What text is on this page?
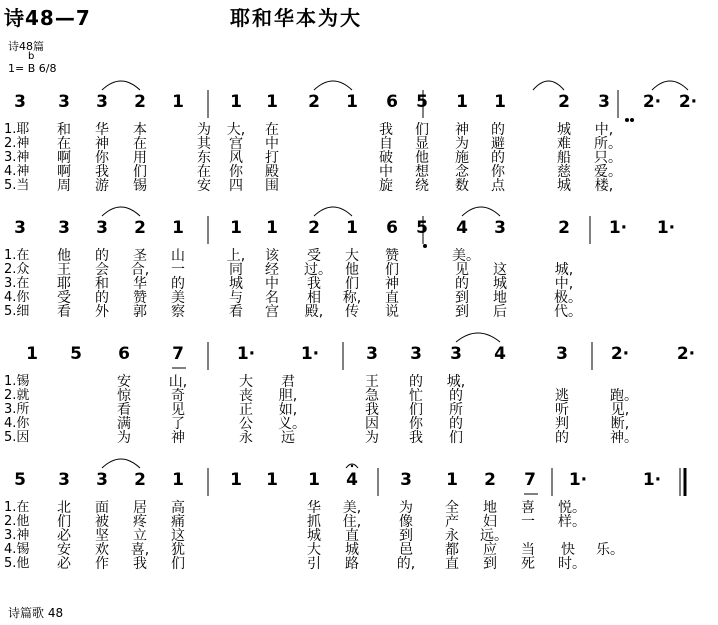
诗48—7	耶和华本为大
诗48篇
b
1= B 6/8
3	3	3	2	1	1	1	2	1	6	5	1	1	2	3	2·	2·
1.耶 和 华 本	为 大, 在	我 们 神 的	城 中,
2.神 在 神 在	其 宫 中	自 显 为 避	难 所。
3.神 啊 你 用	东 风 打	破 他 施 的	船 只。
4.神 啊 我 们	在 你 殿	中 想 念 你	慈 爱。
5.当 周 游 锡	安 四 围	旋 绕 数 点	城 楼,
3	3	3	2	1	1	1	2	1	6	5	4	3	2	1·	1·
1.在 他 的 圣 山	上, 该 受 大 赞	美。
2.众 王 会 合, 一	同 经 过。 他 们	见 这	城,
3.在 耶 和 华 的	城 中 我 们 神	的 城	中,
4.你 受 的 赞 美	与 名 相 称, 直	到 地	极。
5.细 看 外 郭 察	看 宫 殿, 传 说	到 后	代。
1	5	6	7	1·	1·	3	3	3	4	3	2·	2·
1.锡	安	山,	大 君	王 的 城,
2.就	惊	奇	丧 胆,	急 忙 的	逃	跑。
3.所	看	见	正 如,	我 们 所	听	见,
4.你	满	了	公 义。	因 你 的	判	断,
5.因	为	神	永 远	为 我 们	的	神。
5	3	3	2	1	1	1	1	4	3	1	2	7	1·	1·
1.在 北 面 居 高	华 美,	为 全 地 喜 悦。
2.他 们 被 疼 痛	抓 住,	像 产 妇 一 样。
3.神 必 坚 立 这	城 直	到 永 远。
4.锡 安 欢 喜, 犹	大 城	邑 都 应 当 快 乐。
5.他 必 作 我 们	引 路	的, 直 到 死 时。
诗篇歌 48
